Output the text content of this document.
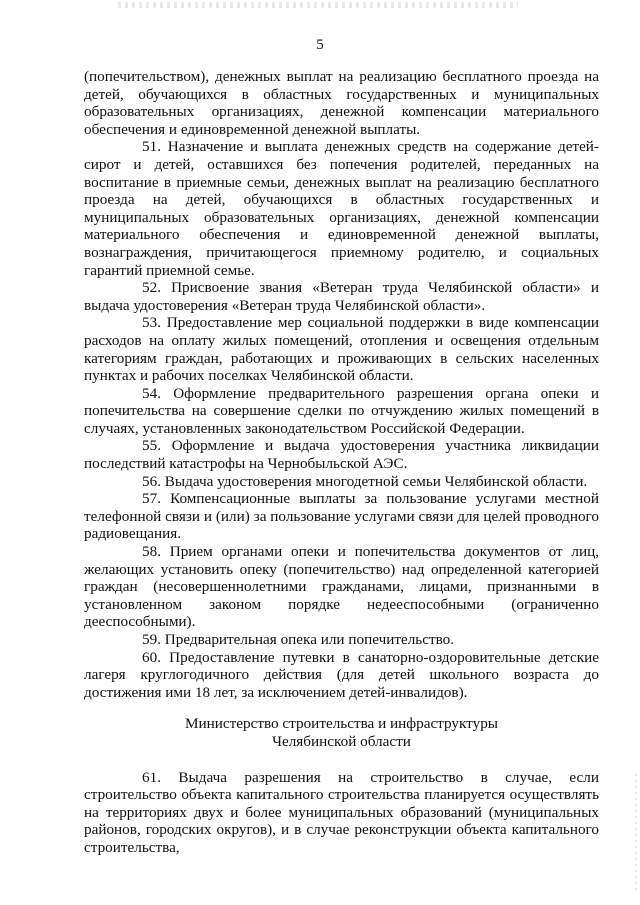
5

(попечительством), денежных выплат на реализацию бесплатного проезда на детей, обучающихся в областных государственных и муниципальных образовательных организациях, денежной компенсации материального обеспечения и единовременной денежной выплаты.

51. Назначение и выплата денежных средств на содержание детей-сирот и детей, оставшихся без попечения родителей, переданных на воспитание в приемные семьи, денежных выплат на реализацию бесплатного проезда на детей, обучающихся в областных государственных и муниципальных образовательных организациях, денежной компенсации материального обеспечения и единовременной денежной выплаты, вознаграждения, причитающегося приемному родителю, и социальных гарантий приемной семье.

52. Присвоение звания «Ветеран труда Челябинской области» и выдача удостоверения «Ветеран труда Челябинской области».

53. Предоставление мер социальной поддержки в виде компенсации расходов на оплату жилых помещений, отопления и освещения отдельным категориям граждан, работающих и проживающих в сельских населенных пунктах и рабочих поселках Челябинской области.

54. Оформление предварительного разрешения органа опеки и попечительства на совершение сделки по отчуждению жилых помещений в случаях, установленных законодательством Российской Федерации.

55. Оформление и выдача удостоверения участника ликвидации последствий катастрофы на Чернобыльской АЭС.

56. Выдача удостоверения многодетной семьи Челябинской области.

57. Компенсационные выплаты за пользование услугами местной телефонной связи и (или) за пользование услугами связи для целей проводного радиовещания.

58. Прием органами опеки и попечительства документов от лиц, желающих установить опеку (попечительство) над определенной категорией граждан (несовершеннолетними гражданами, лицами, признанными в установленном законом порядке недееспособными (ограниченно дееспособными).

59. Предварительная опека или попечительство.

60. Предоставление путевки в санаторно-оздоровительные детские лагеря круглогодичного действия (для детей школьного возраста до достижения ими 18 лет, за исключением детей-инвалидов).

Министерство строительства и инфраструктуры
Челябинской области

61. Выдача разрешения на строительство в случае, если строительство объекта капитального строительства планируется осуществлять на территориях двух и более муниципальных образований (муниципальных районов, городских округов), и в случае реконструкции объекта капитального строительства,
